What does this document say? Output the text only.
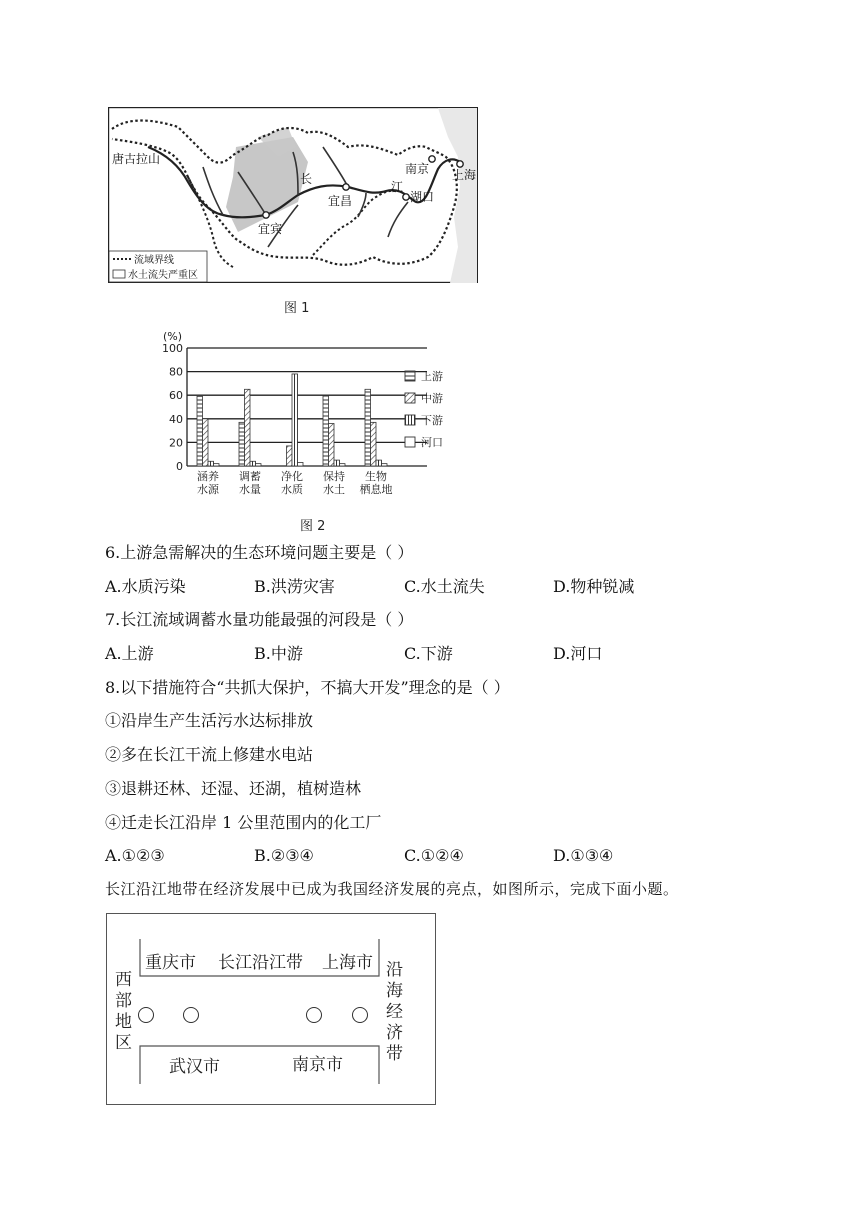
唐古拉山
宜宾
长
宜昌
江
湖口
南京 上海
流域界线
水土流失严重区
图 1
(%)
0
20
40
60
80
100
涵养
水源
调蓄
水量
净化
水质
保持
水土
生物
栖息地
上游
中游
下游
河口
图 2
6.上游急需解决的生态环境问题主要是（ ）
A.水质污染	B.洪涝灾害	C.水土流失	D.物种锐减
7.长江流域调蓄水量功能最强的河段是（ ）
A.上游	B.中游	C.下游	D.河口
8.以下措施符合“共抓大保护，不搞大开发”理念的是（ ）
①沿岸生产生活污水达标排放
②多在长江干流上修建水电站
③退耕还林、还湿、还湖，植树造林
④迁走长江沿岸 1 公里范围内的化工厂
A.①②③	B.②③④	C.①②④	D.①③④
长江沿江地带在经济发展中已成为我国经济发展的亮点，如图所示，完成下面小题。
重庆市 长江沿江带 上海市
武汉市	南京市
西部地区
沿海经济带
